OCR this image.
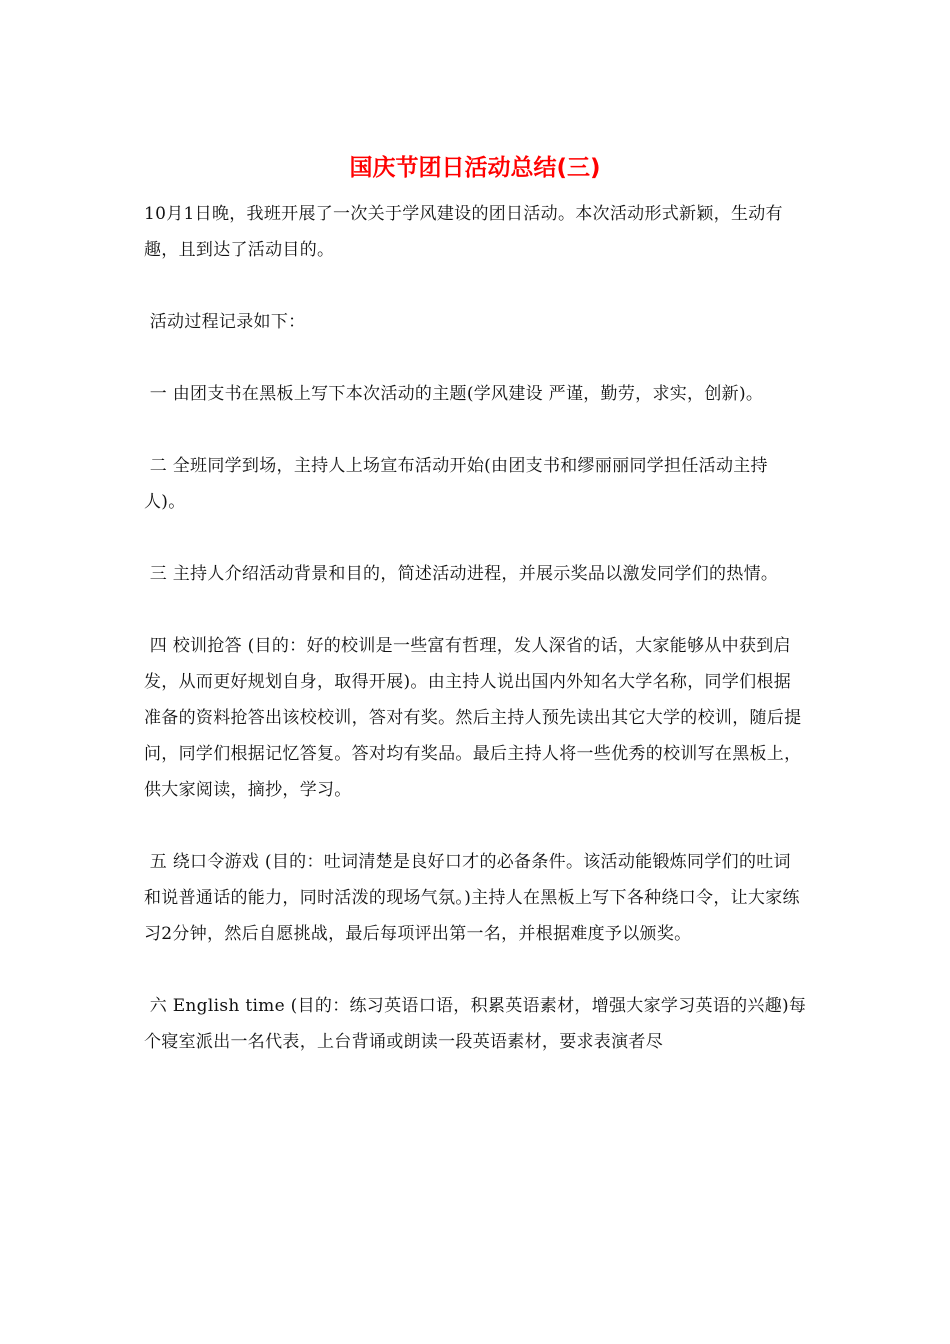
国庆节团日活动总结(三)

10月1日晚，我班开展了一次关于学风建设的团日活动。本次活动形式新颖，生动有趣，且到达了活动目的。

活动过程记录如下：

一 由团支书在黑板上写下本次活动的主题(学风建设 严谨，勤劳，求实，创新)。

二 全班同学到场，主持人上场宣布活动开始(由团支书和缪丽丽同学担任活动主持人)。

三 主持人介绍活动背景和目的，简述活动进程，并展示奖品以激发同学们的热情。

四 校训抢答 (目的：好的校训是一些富有哲理，发人深省的话，大家能够从中获到启发，从而更好规划自身，取得开展)。由主持人说出国内外知名大学名称，同学们根据准备的资料抢答出该校校训，答对有奖。然后主持人预先读出其它大学的校训，随后提问，同学们根据记忆答复。答对均有奖品。最后主持人将一些优秀的校训写在黑板上，供大家阅读，摘抄，学习。

五 绕口令游戏 (目的：吐词清楚是良好口才的必备条件。该活动能锻炼同学们的吐词和说普通话的能力，同时活泼的现场气氛。)主持人在黑板上写下各种绕口令，让大家练习2分钟，然后自愿挑战，最后每项评出第一名，并根据难度予以颁奖。

六 English time (目的：练习英语口语，积累英语素材，增强大家学习英语的兴趣)每个寝室派出一名代表，上台背诵或朗读一段英语素材，要求表演者尽
